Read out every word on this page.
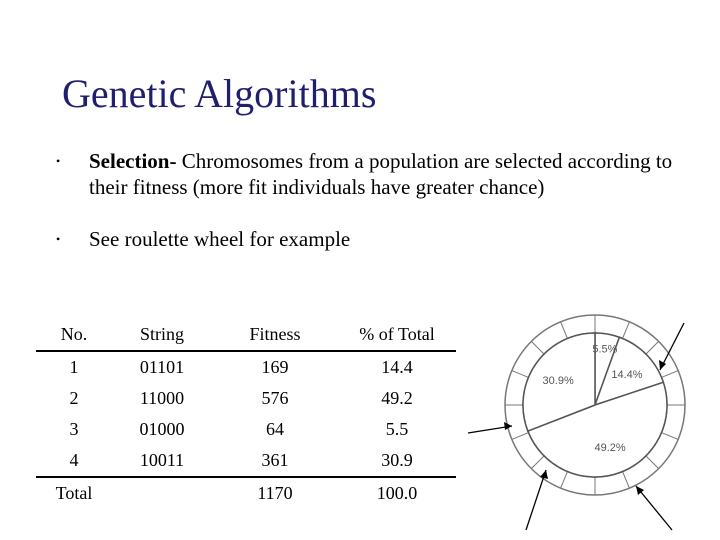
Genetic Algorithms
•	Selection- Chromosomes from a population are selected according to their fitness (more fit individuals have greater chance)
•	See roulette wheel for example
No.	String	Fitness	% of Total
1	01101	169	14.4
2	11000	576	49.2
3	01000	64	5.5
4	10011	361	30.9
Total		1170	100.0
5.5%
14.4%
49.2%
30.9%
